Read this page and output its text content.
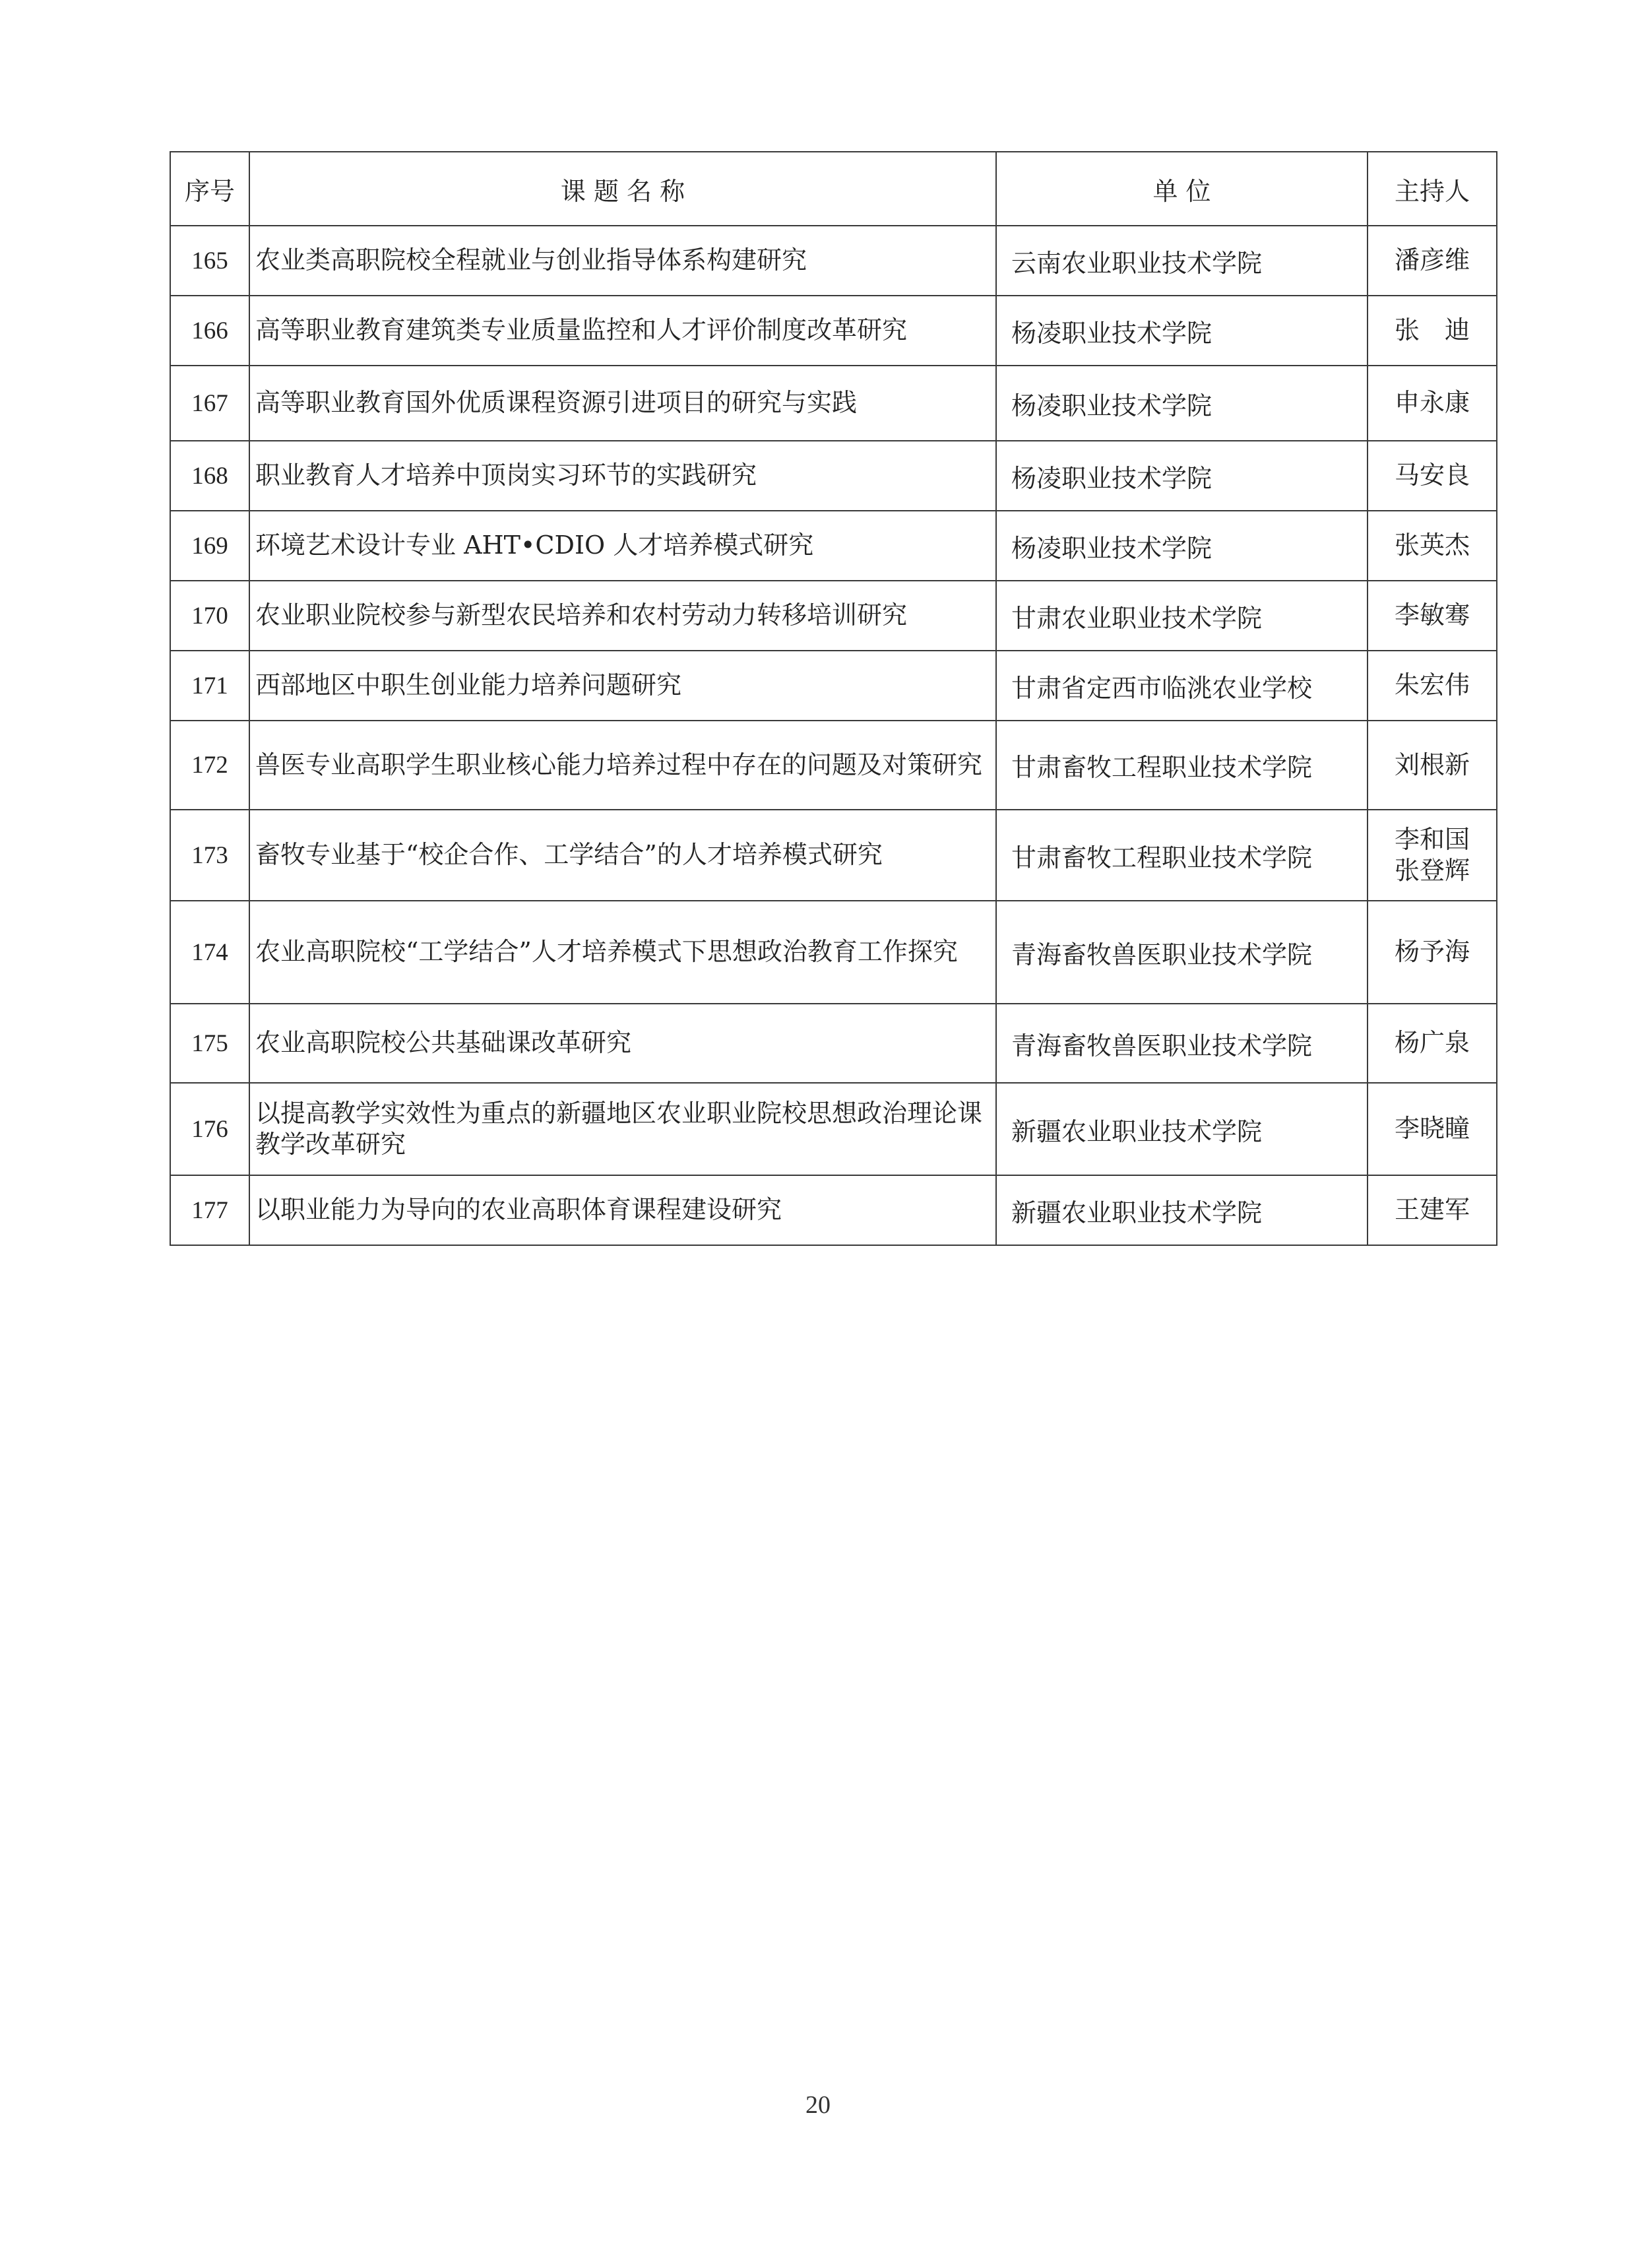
序号	课 题 名 称	单 位	主持人
165	农业类高职院校全程就业与创业指导体系构建研究	云南农业职业技术学院	潘彦维

166	高等职业教育建筑类专业质量监控和人才评价制度改革研究	杨凌职业技术学院	张　迪

167	高等职业教育国外优质课程资源引进项目的研究与实践	杨凌职业技术学院	申永康

168	职业教育人才培养中顶岗实习环节的实践研究	杨凌职业技术学院	马安良

169	环境艺术设计专业 AHT•CDIO 人才培养模式研究	杨凌职业技术学院	张英杰

170	农业职业院校参与新型农民培养和农村劳动力转移培训研究	甘肃农业职业技术学院	李敏骞

171	西部地区中职生创业能力培养问题研究	甘肃省定西市临洮农业学校	朱宏伟

172	兽医专业高职学生职业核心能力培养过程中存在的问题及对策研究	甘肃畜牧工程职业技术学院	刘根新

173	畜牧专业基于“校企合作、工学结合”的人才培养模式研究	甘肃畜牧工程职业技术学院	李和国
张登辉

174	农业高职院校“工学结合”人才培养模式下思想政治教育工作探究	青海畜牧兽医职业技术学院	杨予海

175	农业高职院校公共基础课改革研究	青海畜牧兽医职业技术学院	杨广泉

176	以提高教学实效性为重点的新疆地区农业职业院校思想政治理论课教学改革研究	新疆农业职业技术学院	李晓瞳

177	以职业能力为导向的农业高职体育课程建设研究	新疆农业职业技术学院	王建军
20
